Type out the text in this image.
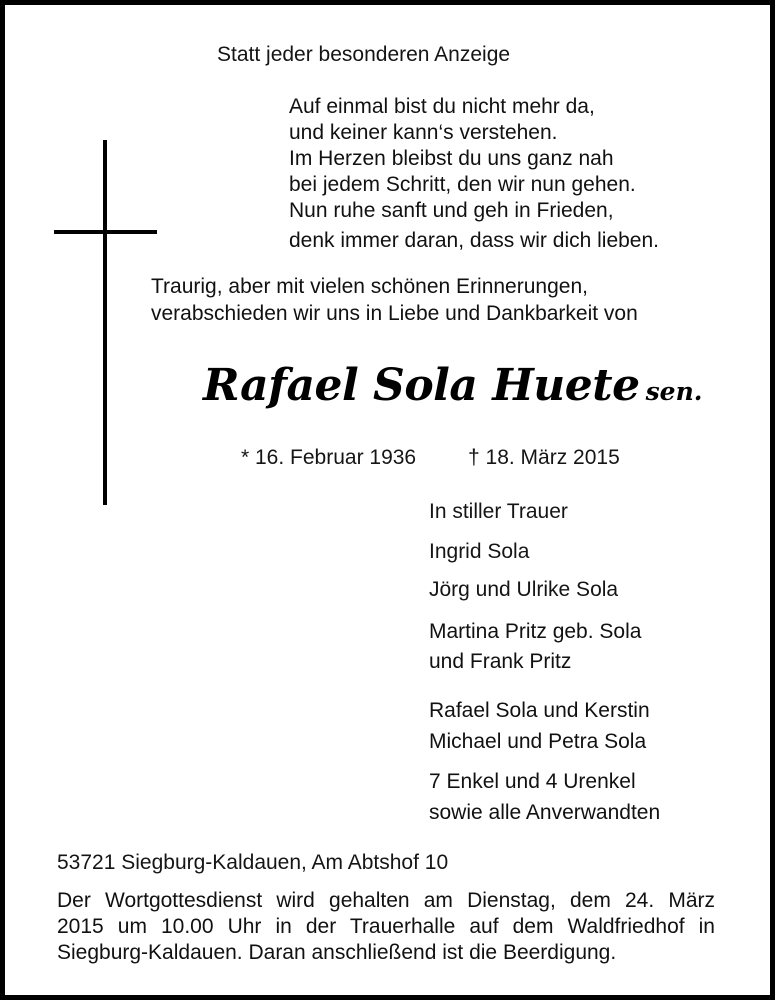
Statt jeder besonderen Anzeige

Auf einmal bist du nicht mehr da,
und keiner kann‘s verstehen.
Im Herzen bleibst du uns ganz nah
bei jedem Schritt, den wir nun gehen.
Nun ruhe sanft und geh in Frieden,
denk immer daran, dass wir dich lieben.
Traurig, aber mit vielen schönen Erinnerungen,
verabschieden wir uns in Liebe und Dankbarkeit von
Rafael Sola Huete sen.

* 16. Februar 1936 † 18. März 2015

In stiller Trauer

Ingrid Sola

Jörg und Ulrike Sola

Martina Pritz geb. Sola
und Frank Pritz
Rafael Sola und Kerstin
Michael und Petra Sola
7 Enkel und 4 Urenkel
sowie alle Anverwandten

53721 Siegburg-Kaldauen, Am Abtshof 10

Der Wortgottesdienst wird gehalten am Dienstag, dem 24. März
2015 um 10.00 Uhr in der Trauerhalle auf dem Waldfriedhof in
Siegburg-Kaldauen. Daran anschließend ist die Beerdigung.
